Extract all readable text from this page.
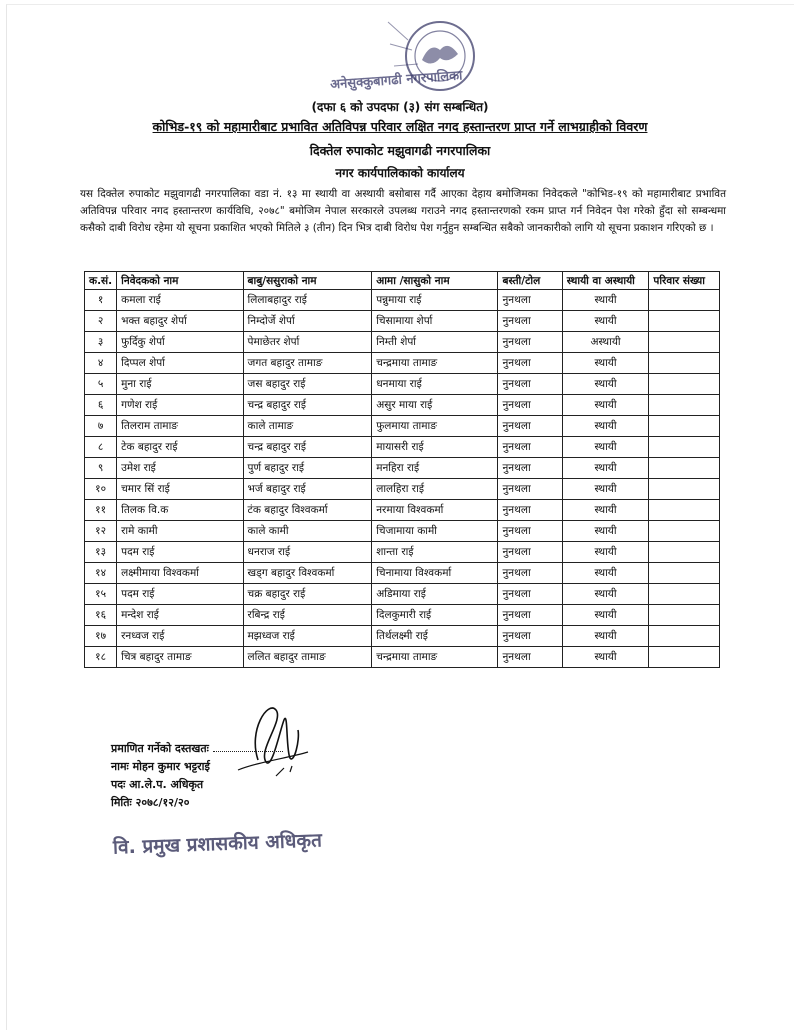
अनेसुक्कुबागढी नगरपालिका
(दफा ६ को उपदफा (३) संग सम्बन्धित)
कोभिड-१९ को महामारीबाट प्रभावित अतिविपन्न परिवार लक्षित नगद हस्तान्तरण प्राप्त गर्ने लाभग्राहीको विवरण
दिक्तेल रुपाकोट मझुवागढी नगरपालिका
नगर कार्यपालिकाको कार्यालय

यस दिक्तेल रुपाकोट मझुवागढी नगरपालिका वडा नं. १३ मा स्थायी वा अस्थायी बसोबास गर्दै आएका देहाय बमोजिमका निवेदकले "कोभिड-१९ को महामारीबाट प्रभावित अतिविपन्न परिवार नगद हस्तान्तरण कार्यविधि, २०७८" बमोजिम नेपाल सरकारले उपलब्ध गराउने नगद हस्तान्तरणको रकम प्राप्त गर्न निवेदन पेश गरेको हुँदा सो सम्बन्धमा कसैको दाबी विरोध रहेमा यो सूचना प्रकाशित भएको मितिले ३ (तीन) दिन भित्र दाबी विरोध पेश गर्नुहुन सम्बन्धित सबैको जानकारीको लागि यो सूचना प्रकाशन गरिएको छ ।

क.सं.	निवेदकको नाम	बाबु/ससुराको नाम	आमा /सासुको नाम	बस्ती/टोल	स्थायी वा अस्थायी	परिवार संख्या
१	कमला राई	लिलाबहादुर राई	पन्नुमाया राई	नुनथला	स्थायी	
२	भक्त बहादुर शेर्पा	निम्दोर्जे शेर्पा	चिसामाया शेर्पा	नुनथला	स्थायी	
३	फुर्दिकु शेर्पा	पेमाछेतर शेर्पा	निम्ती शेर्पा	नुनथला	अस्थायी	
४	दिप्पल शेर्पा	जगत बहादुर तामाङ	चन्द्रमाया तामाङ	नुनथला	स्थायी	
५	मुना राई	जस बहादुर राई	धनमाया राई	नुनथला	स्थायी	
६	गणेश राई	चन्द्र बहादुर राई	असुर माया राई	नुनथला	स्थायी	
७	तिलराम तामाङ	काले तामाङ	फुलमाया तामाङ	नुनथला	स्थायी	
८	टेक बहादुर राई	चन्द्र बहादुर राई	मायासरी राई	नुनथला	स्थायी	
९	उमेश राई	पुर्ण बहादुर राई	मनहिरा राई	नुनथला	स्थायी	
१०	चमार सिं राई	भर्ज बहादुर राई	लालहिरा राई	नुनथला	स्थायी	
११	तिलक वि.क	टंक बहादुर विश्वकर्मा	नरमाया विश्वकर्मा	नुनथला	स्थायी	
१२	रामे कामी	काले कामी	चिजामाया कामी	नुनथला	स्थायी	
१३	पदम राई	धनराज राई	शान्ता राई	नुनथला	स्थायी	
१४	लक्ष्मीमाया विश्वकर्मा	खड्ग बहादुर विश्वकर्मा	चिनामाया विश्वकर्मा	नुनथला	स्थायी	
१५	पदम राई	चक्र बहादुर राई	अडिमाया राई	नुनथला	स्थायी	
१६	मन्देश राई	रबिन्द्र राई	दिलकुमारी राई	नुनथला	स्थायी	
१७	रनध्वज राई	मझध्वज राई	तिर्थलक्ष्मी राई	नुनथला	स्थायी	
१८	चित्र बहादुर तामाङ	ललित बहादुर तामाङ	चन्द्रमाया तामाङ	नुनथला	स्थायी	
प्रमाणित गर्नेको दस्तखतः
नामः मोहन कुमार भट्टराई
पदः आ.ले.प. अधिकृत
मितिः २०७८/१२/२०
वि. प्रमुख प्रशासकीय अधिकृत
